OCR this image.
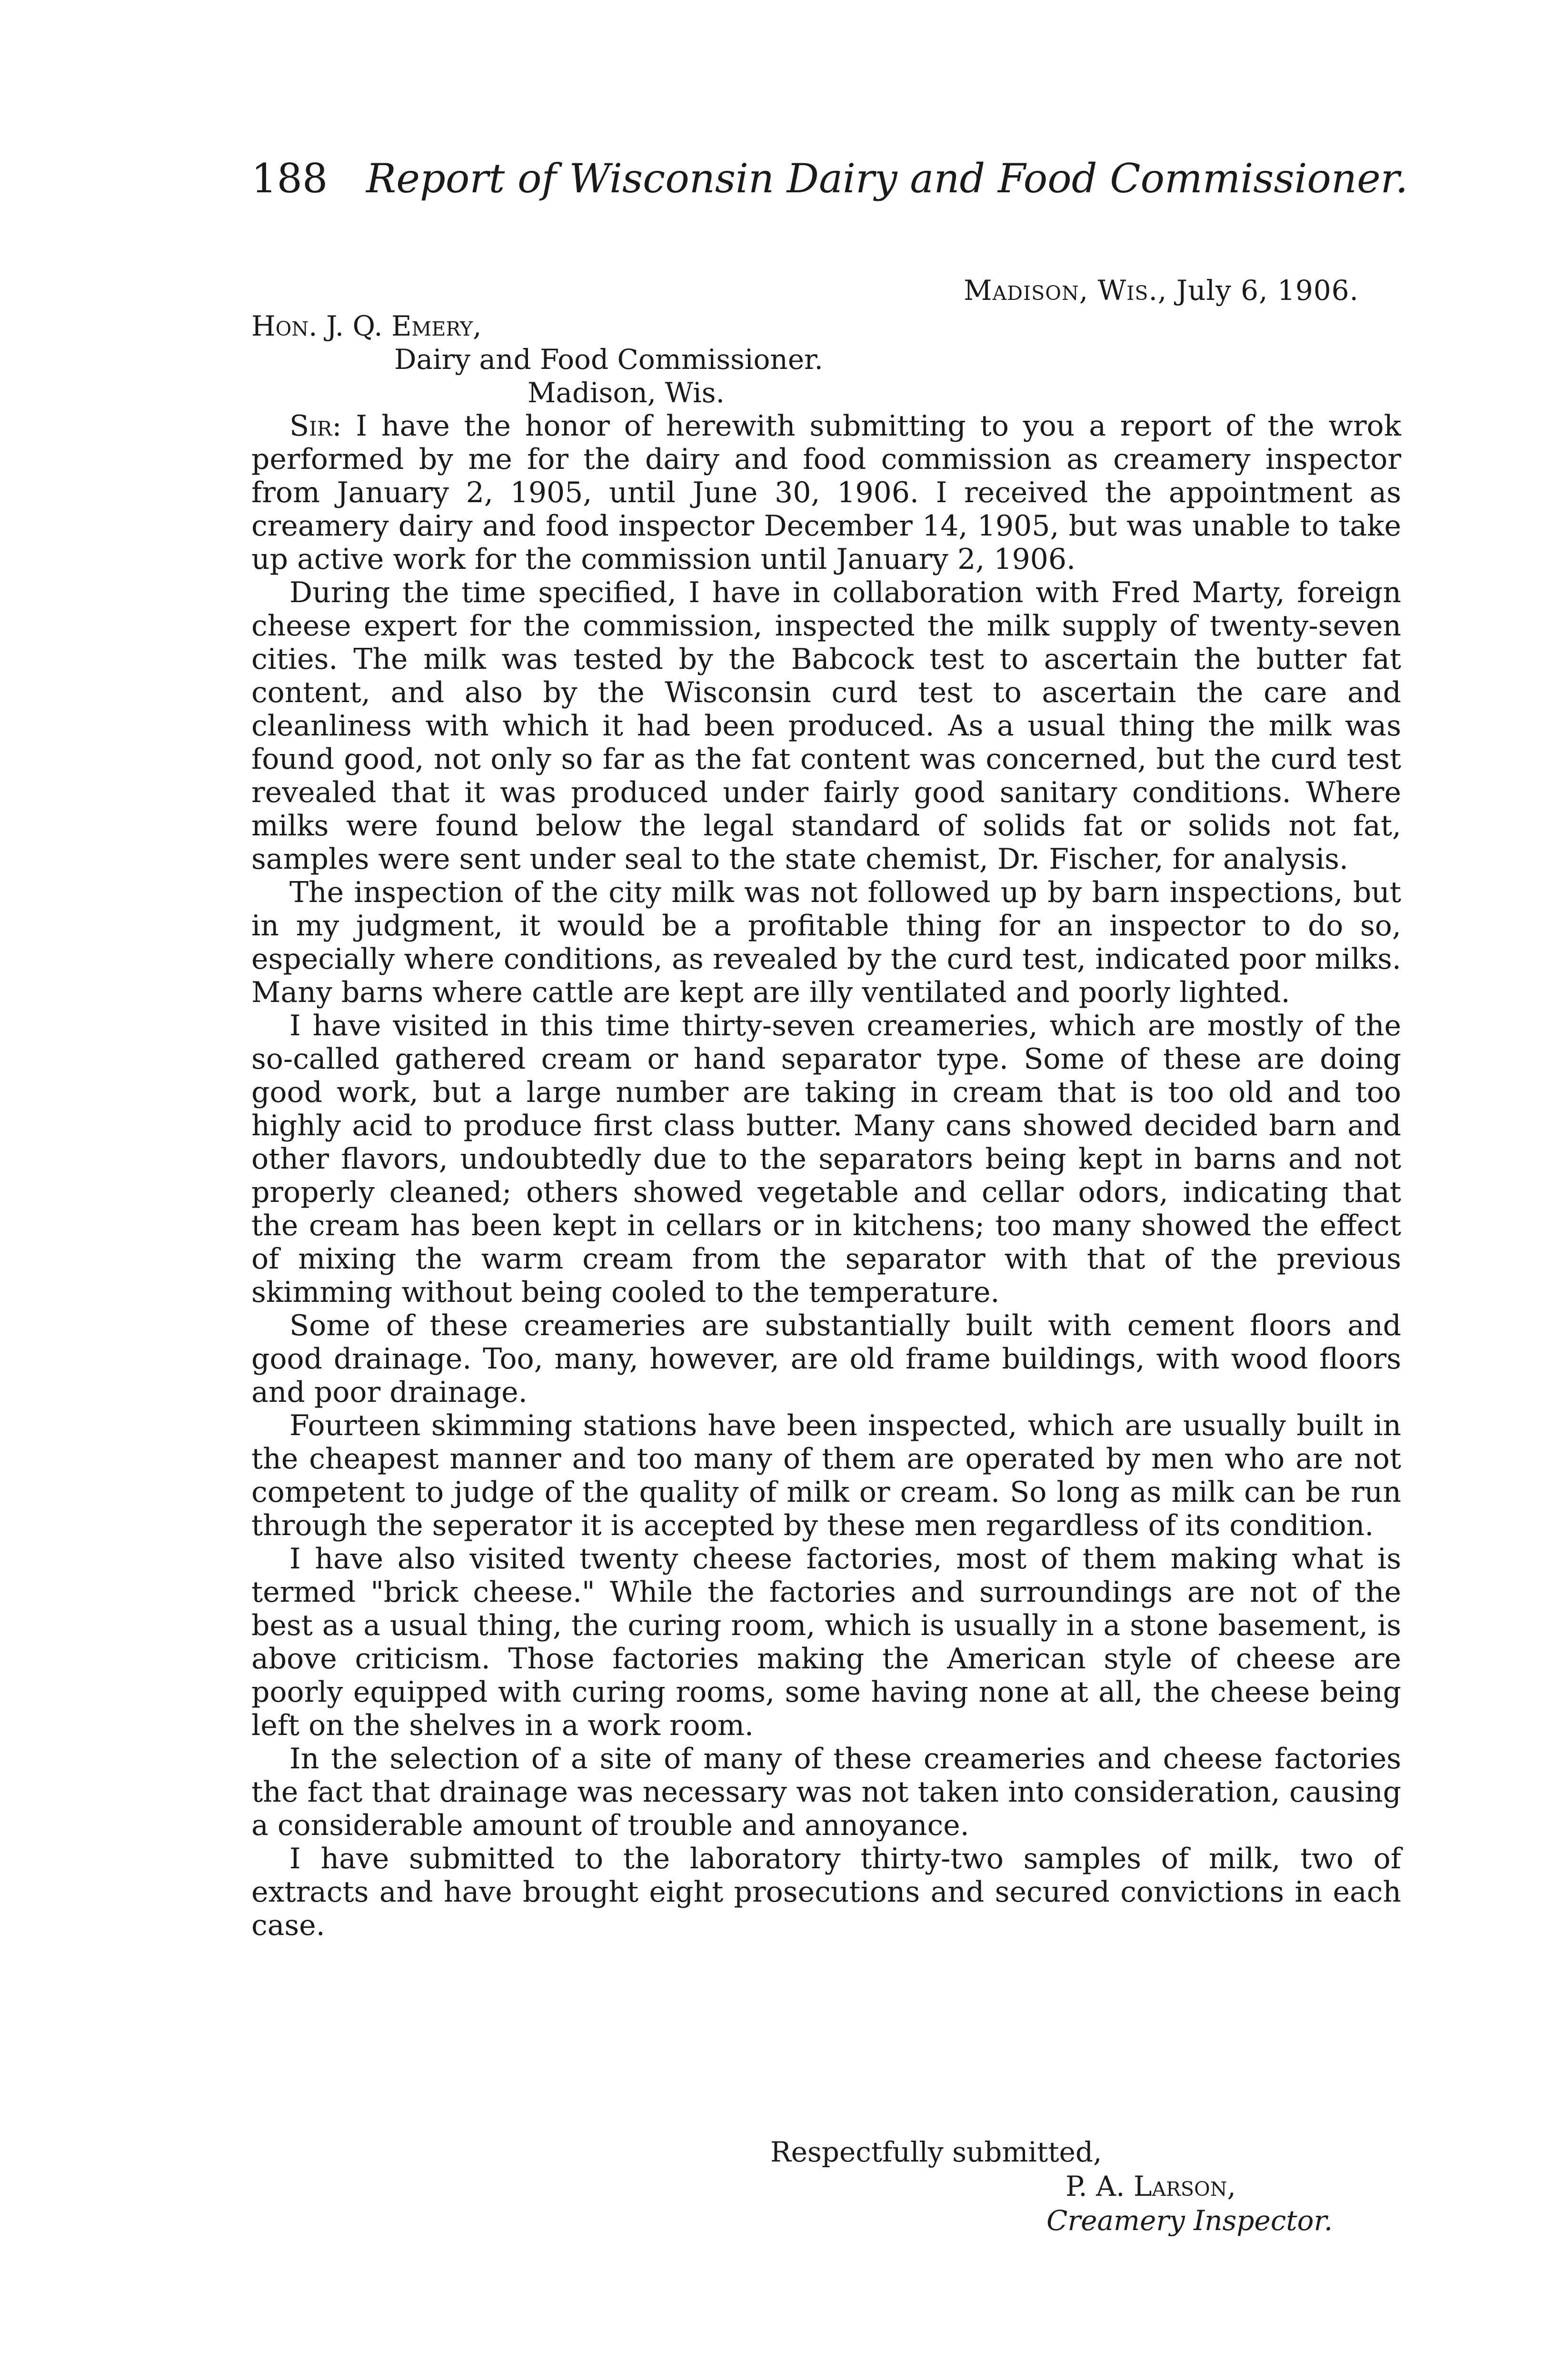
188 Report of Wisconsin Dairy and Food Commissioner.
Madison, Wis., July 6, 1906.
Hon. J. Q. Emery,
Dairy and Food Commissioner.
Madison, Wis.

Sir: I have the honor of herewith submitting to you a report of the wrok performed by me for the dairy and food commission as creamery inspector from January 2, 1905, until June 30, 1906. I received the appointment as creamery dairy and food inspector December 14, 1905, but was unable to take up active work for the commission until January 2, 1906.

During the time specified, I have in collaboration with Fred Marty, foreign cheese expert for the commission, inspected the milk supply of twenty-seven cities. The milk was tested by the Babcock test to ascertain the butter fat content, and also by the Wisconsin curd test to ascertain the care and cleanliness with which it had been produced. As a usual thing the milk was found good, not only so far as the fat content was concerned, but the curd test revealed that it was produced under fairly good sanitary conditions. Where milks were found below the legal standard of solids fat or solids not fat, samples were sent under seal to the state chemist, Dr. Fischer, for analysis.

The inspection of the city milk was not followed up by barn inspections, but in my judgment, it would be a profitable thing for an inspector to do so, especially where conditions, as revealed by the curd test, indicated poor milks. Many barns where cattle are kept are illy ventilated and poorly lighted.

I have visited in this time thirty-seven creameries, which are mostly of the so-called gathered cream or hand separator type. Some of these are doing good work, but a large number are taking in cream that is too old and too highly acid to produce first class butter. Many cans showed decided barn and other flavors, undoubtedly due to the separators being kept in barns and not properly cleaned; others showed vegetable and cellar odors, indicating that the cream has been kept in cellars or in kitchens; too many showed the effect of mixing the warm cream from the separator with that of the previous skimming without being cooled to the temperature.

Some of these creameries are substantially built with cement floors and good drainage. Too, many, however, are old frame buildings, with wood floors and poor drainage.

Fourteen skimming stations have been inspected, which are usually built in the cheapest manner and too many of them are operated by men who are not competent to judge of the quality of milk or cream. So long as milk can be run through the seperator it is accepted by these men regardless of its condition.

I have also visited twenty cheese factories, most of them making what is termed "brick cheese." While the factories and surroundings are not of the best as a usual thing, the curing room, which is usually in a stone basement, is above criticism. Those factories making the American style of cheese are poorly equipped with curing rooms, some having none at all, the cheese being left on the shelves in a work room.

In the selection of a site of many of these creameries and cheese factories the fact that drainage was necessary was not taken into consideration, causing a considerable amount of trouble and annoyance.

I have submitted to the laboratory thirty-two samples of milk, two of extracts and have brought eight prosecutions and secured convictions in each case.

Respectfully submitted,
P. A. Larson,
Creamery Inspector.
